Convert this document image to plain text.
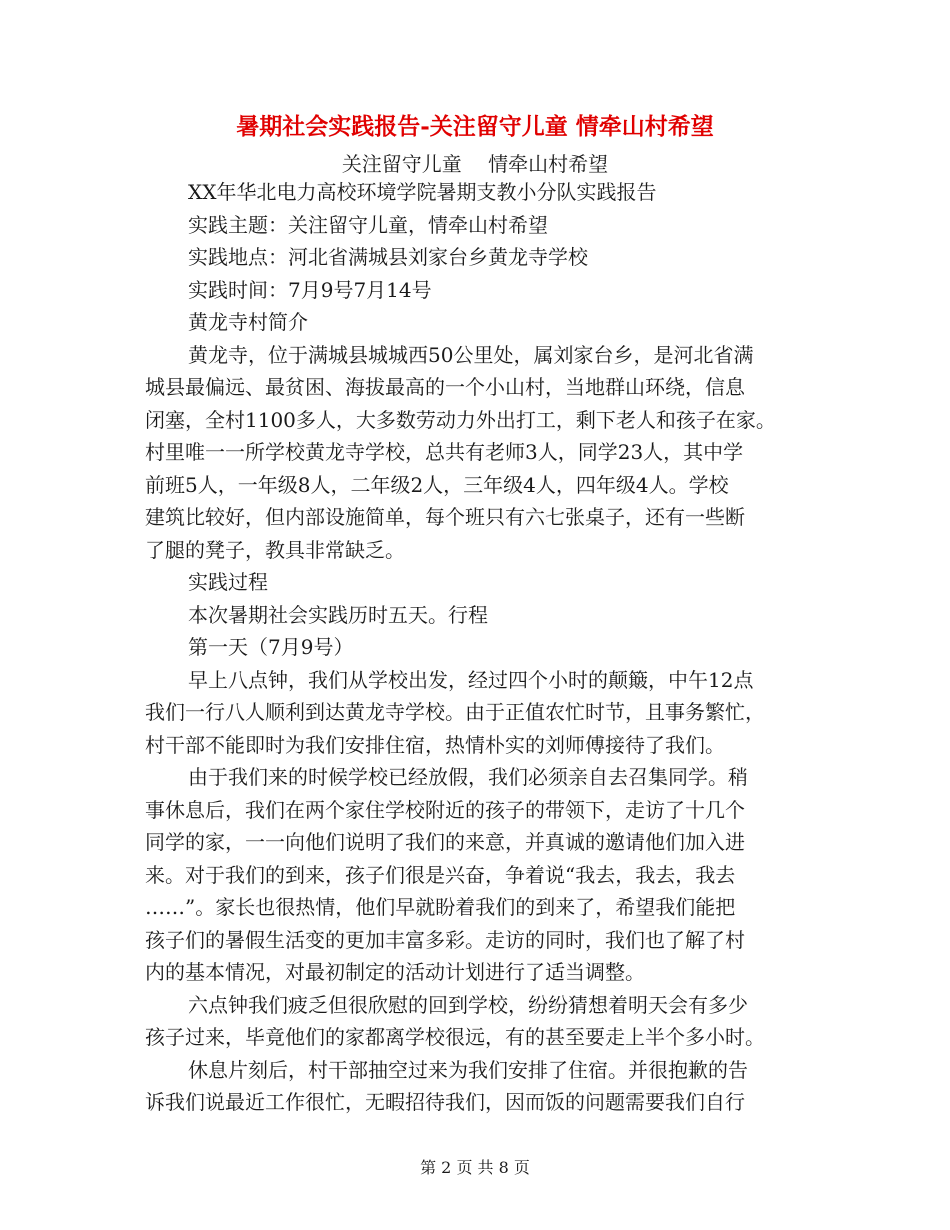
暑期社会实践报告-关注留守儿童 情牵山村希望
关注留守儿童　 情牵山村希望
XX年华北电力高校环境学院暑期支教小分队实践报告
实践主题：关注留守儿童，情牵山村希望
实践地点：河北省满城县刘家台乡黄龙寺学校
实践时间：7月9号7月14号
黄龙寺村简介
黄龙寺，位于满城县城城西50公里处，属刘家台乡，是河北省满
城县最偏远、最贫困、海拔最高的一个小山村，当地群山环绕，信息
闭塞，全村1100多人，大多数劳动力外出打工，剩下老人和孩子在家。
村里唯一一所学校黄龙寺学校，总共有老师3人，同学23人，其中学
前班5人，一年级8人，二年级2人，三年级4人，四年级4人。学校
建筑比较好，但内部设施简单，每个班只有六七张桌子，还有一些断
了腿的凳子，教具非常缺乏。
实践过程
本次暑期社会实践历时五天。行程
第一天（7月9号）
早上八点钟，我们从学校出发，经过四个小时的颠簸，中午12点
我们一行八人顺利到达黄龙寺学校。由于正值农忙时节，且事务繁忙，
村干部不能即时为我们安排住宿，热情朴实的刘师傅接待了我们。
由于我们来的时候学校已经放假，我们必须亲自去召集同学。稍
事休息后，我们在两个家住学校附近的孩子的带领下，走访了十几个
同学的家，一一向他们说明了我们的来意，并真诚的邀请他们加入进
来。对于我们的到来，孩子们很是兴奋，争着说“我去，我去，我去
……”。家长也很热情，他们早就盼着我们的到来了，希望我们能把
孩子们的暑假生活变的更加丰富多彩。走访的同时，我们也了解了村
内的基本情况，对最初制定的活动计划进行了适当调整。
六点钟我们疲乏但很欣慰的回到学校，纷纷猜想着明天会有多少
孩子过来，毕竟他们的家都离学校很远，有的甚至要走上半个多小时。
休息片刻后，村干部抽空过来为我们安排了住宿。并很抱歉的告
诉我们说最近工作很忙，无暇招待我们，因而饭的问题需要我们自行
第 2 页 共 8 页
